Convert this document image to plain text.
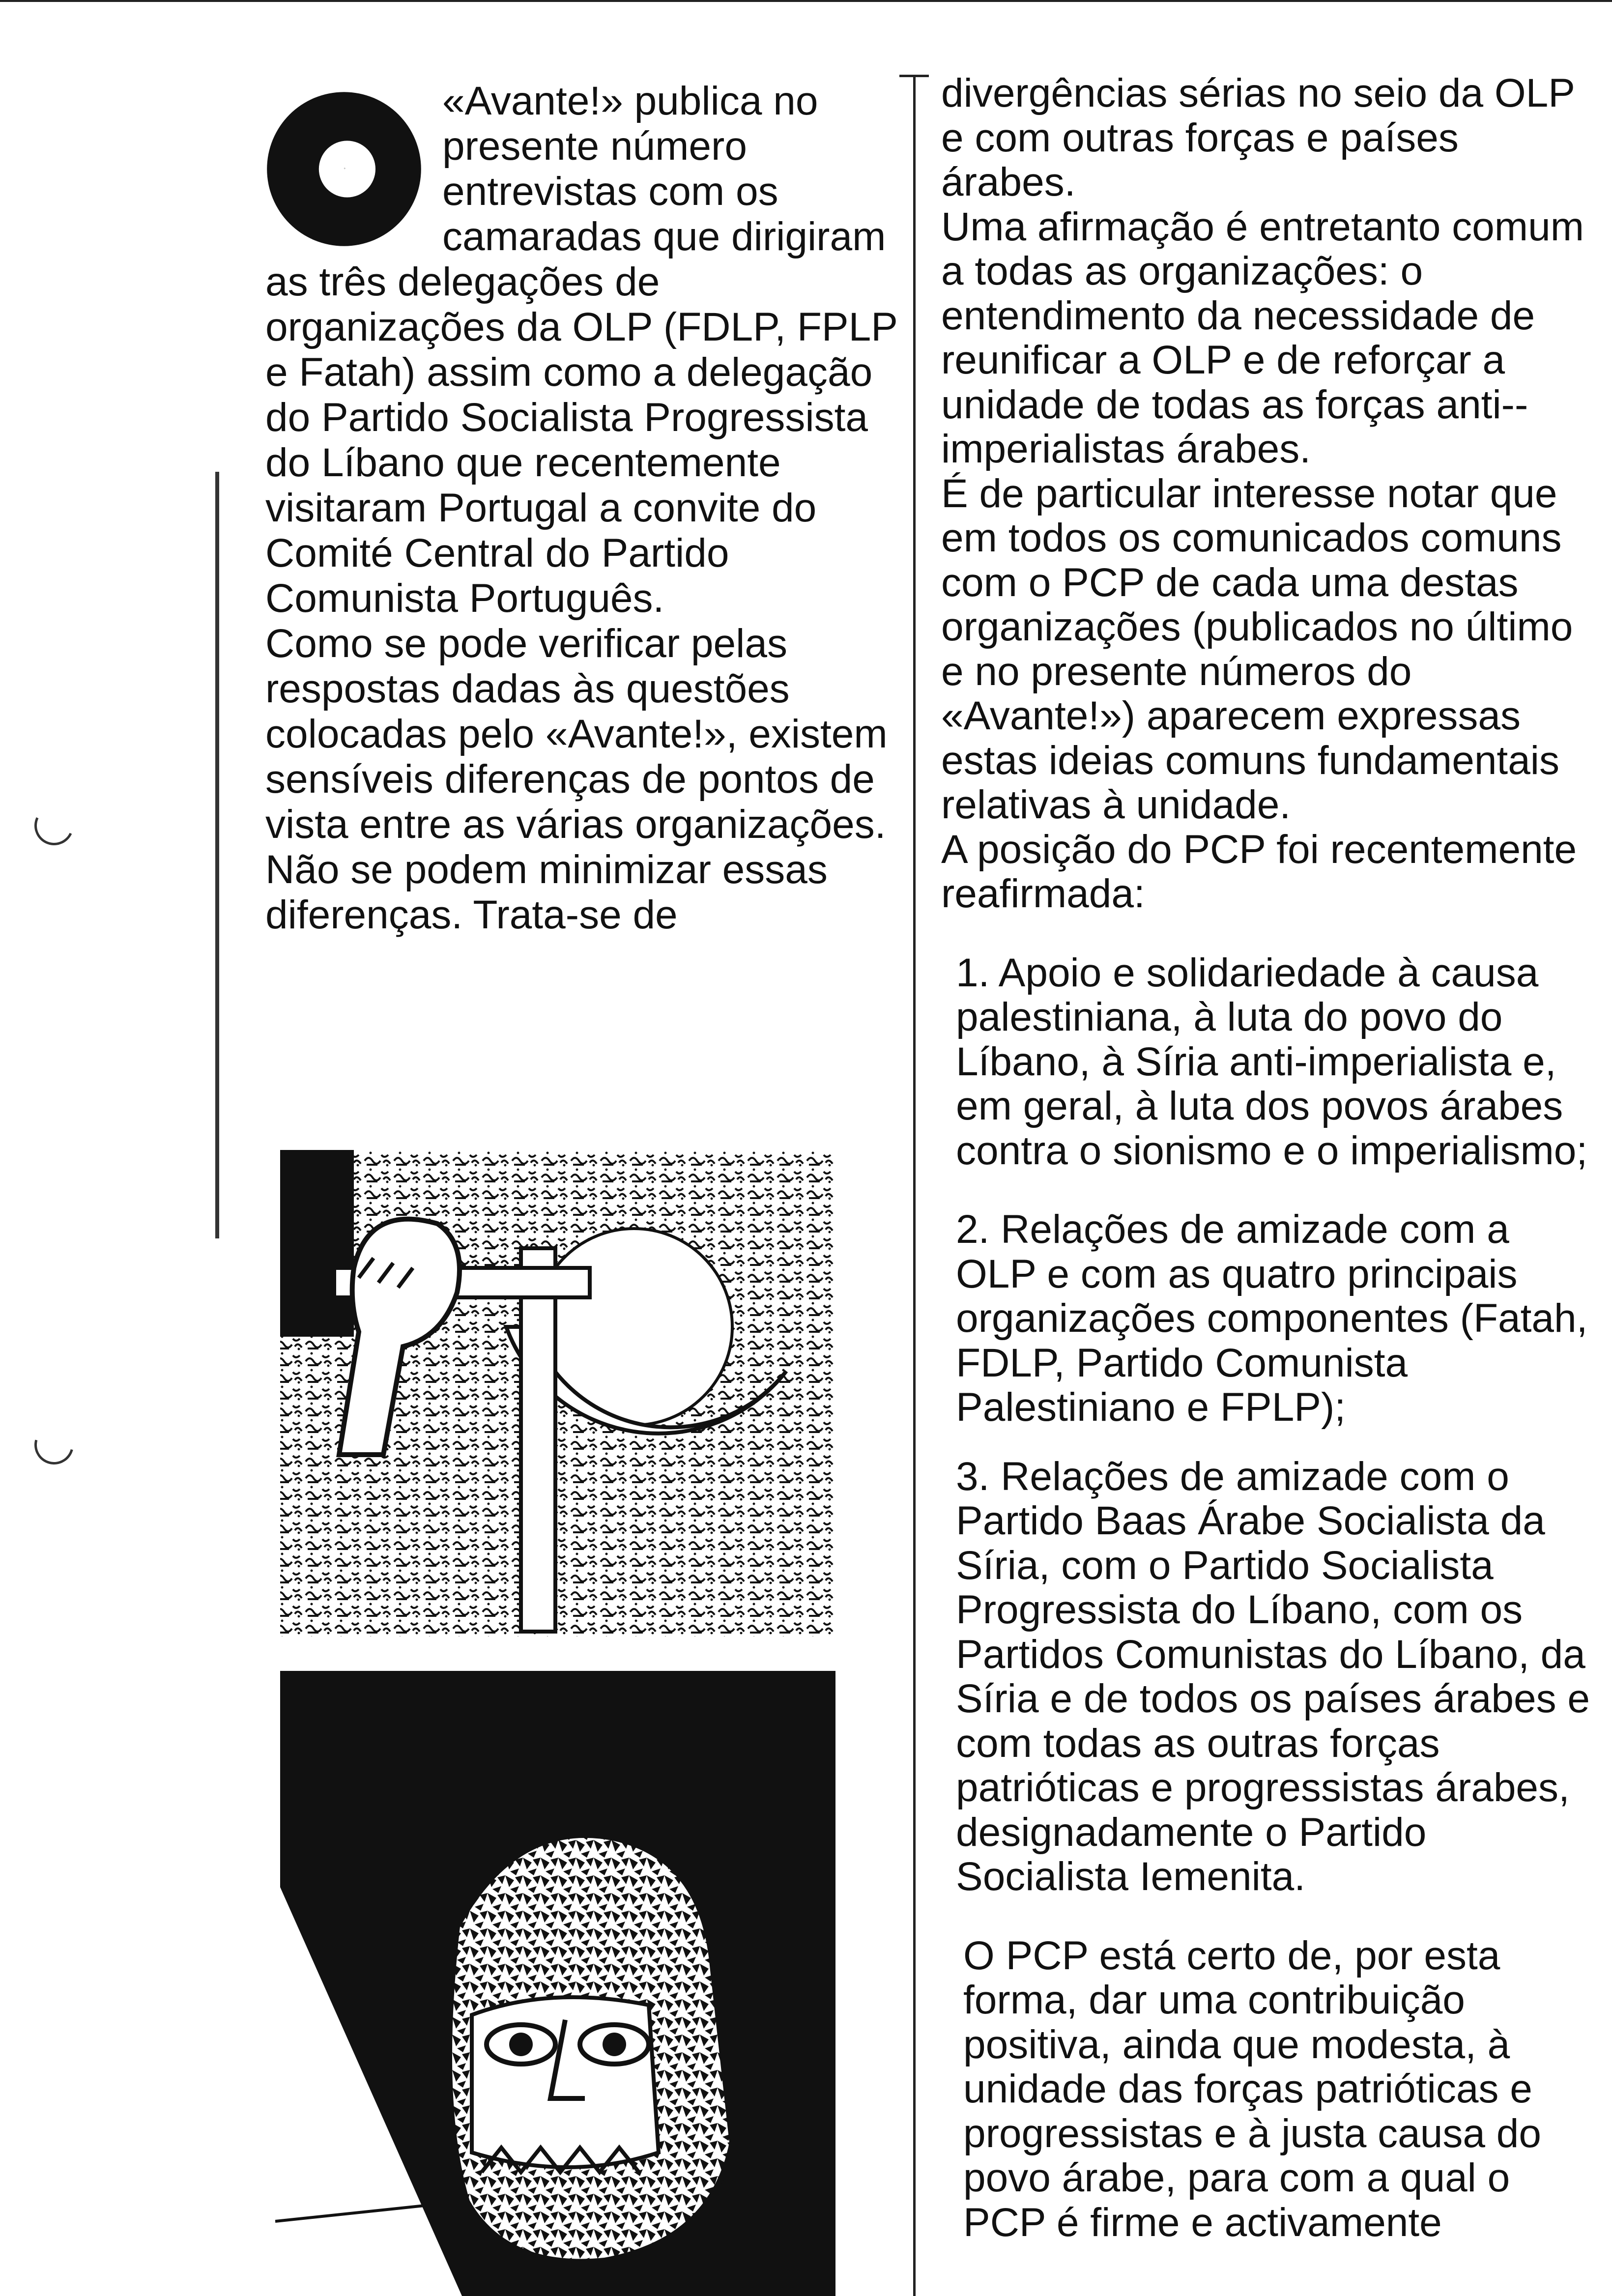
O

«Avante!» publica no presente número entrevistas com os camaradas que dirigiram as três delegações de organizações da OLP (FDLP, FPLP e Fatah) assim como a delegação do Partido Socialista Progressista do Líbano que recentemente visitaram Portugal a convite do Comité Central do Partido Comunista Português.

Como se pode verificar pelas respostas dadas às questões colocadas pelo «Avante!», existem sensíveis diferenças de pontos de vista entre as várias organizações. Não se podem minimizar essas diferenças. Trata-se de

divergências sérias no seio da OLP e com outras forças e países árabes.

Uma afirmação é entretanto comum a todas as organizações: o entendimento da necessidade de reunificar a OLP e de reforçar a unidade de todas as forças anti--imperialistas árabes.

É de particular interesse notar que em todos os comunicados comuns com o PCP de cada uma destas organizações (publicados no último e no presente números do «Avante!») aparecem expressas estas ideias comuns fundamentais relativas à unidade.

A posição do PCP foi recentemente reafirmada:

1. Apoio e solidariedade à causa palestiniana, à luta do povo do Líbano, à Síria anti-imperialista e, em geral, à luta dos povos árabes contra o sionismo e o imperialismo;

2. Relações de amizade com a OLP e com as quatro principais organizações componentes (Fatah, FDLP, Partido Comunista Palestiniano e FPLP);

3. Relações de amizade com o Partido Baas Árabe Socialista da Síria, com o Partido Socialista Progressista do Líbano, com os Partidos Comunistas do Líbano, da Síria e de todos os países árabes e com todas as outras forças patrióticas e progressistas árabes, designadamente o Partido Socialista Iemenita.

O PCP está certo de, por esta forma, dar uma contribuição positiva, ainda que modesta, à unidade das forças patrióticas e progressistas e à justa causa do povo árabe, para com a qual o PCP é firme e activamente
